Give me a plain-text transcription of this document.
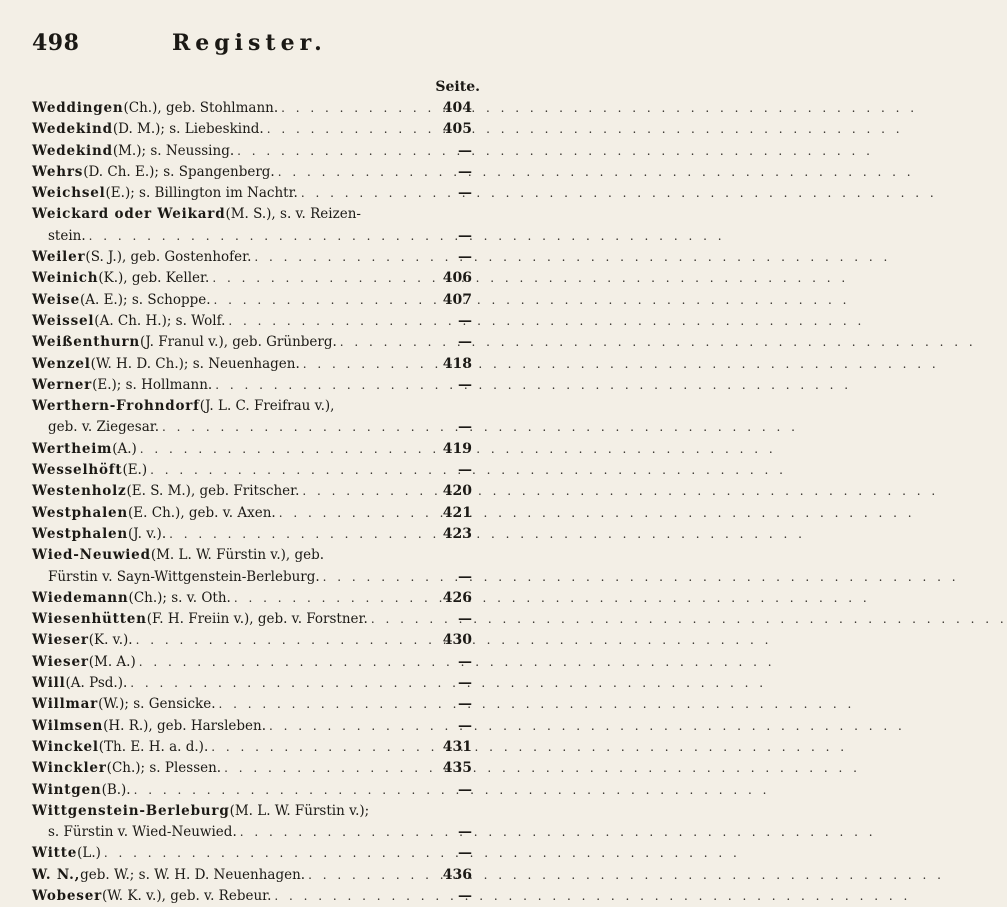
498	Register.
Seite.
Weddingen (Ch.), geb. Stohlmann. . . .	404
Wedekind (D. M.); s. Liebeskind. . . .	405
Wedekind (M.); s. Neussing. . . .	—
Wehrs (D. Ch. E.); s. Spangenberg. . . .	—
Weichsel (E.); s. Billington im Nachtr. . . .	—
Weickard oder Weikard (M. S.), s. v. Reizen-
stein. . . .	—
Weiler (S. J.), geb. Gostenhofer. . . .	—
Weinich (K.), geb. Keller. . . .	406
Weise (A. E.); s. Schoppe. . . .	407
Weissel (A. Ch. H.); s. Wolf. . . .	—
Weißenthurn (J. Franul v.), geb. Grünberg. . . .	—
Wenzel (W. H. D. Ch.); s. Neuenhagen. . . .	418
Werner (E.); s. Hollmann. . . .	—
Werthern-Frohndorf (J. L. C. Freifrau v.),
geb. v. Ziegesar. . . .	—
Wertheim (A.) . . .	419
Wesselhöft (E.) . . .	—
Westenholz (E. S. M.), geb. Fritscher. . . .	420
Westphalen (E. Ch.), geb. v. Axen. . . .	421
Westphalen (J. v.). . . .	423
Wied-Neuwied (M. L. W. Fürstin v.), geb.
Fürstin v. Sayn-Wittgenstein-Berleburg. . . .	—
Wiedemann (Ch.); s. v. Oth. . . .	426
Wiesenhütten (F. H. Freiin v.), geb. v. Forstner. . . .	—
Wieser (K. v.). . . .	430
Wieser (M. A.) . . .	—
Will (A. Psd.). . . .	—
Willmar (W.); s. Gensicke. . . .	—
Wilmsen (H. R.), geb. Harsleben. . . .	—
Winckel (Th. E. H. a. d.). . . .	431
Winckler (Ch.); s. Plessen. . . .	435
Wintgen (B.). . . .	—
Wittgenstein-Berleburg (M. L. W. Fürstin v.);
s. Fürstin v. Wied-Neuwied. . . .	—
Witte (L.) . . .	—
W. N., geb. W.; s. W. H. D. Neuenhagen. . . .	436
Wobeser (W. K. v.), geb. v. Rebeur. . . .	—
